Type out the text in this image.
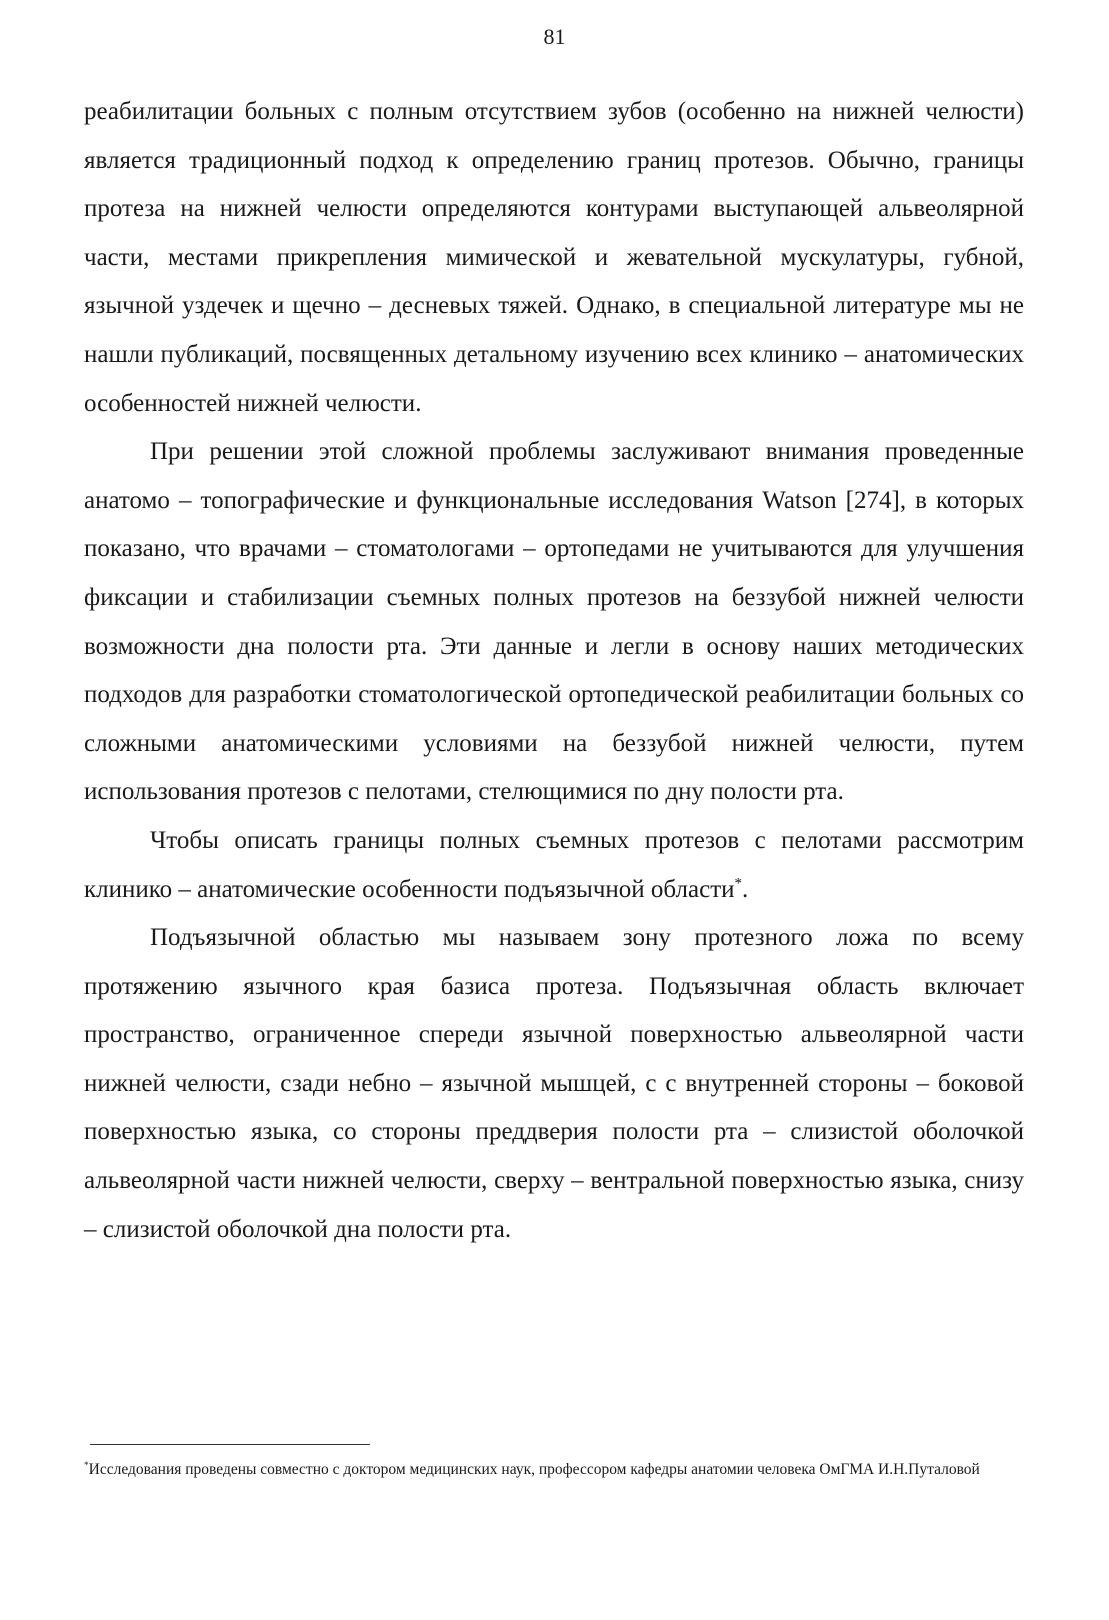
81

реабилитации больных с полным отсутствием зубов (особенно на нижней челюсти) является традиционный подход к определению границ протезов. Обычно, границы протеза на нижней челюсти определяются контурами выступающей альвеолярной части, местами прикрепления мимической и жевательной мускулатуры, губной, язычной уздечек и щечно – десневых тяжей. Однако, в специальной литературе мы не нашли публикаций, посвященных детальному изучению всех клинико – анатомических особенностей нижней челюсти.

При решении этой сложной проблемы заслуживают внимания проведенные анатомо – топографические и функциональные исследования Watson [274], в которых показано, что врачами – стоматологами – ортопедами не учитываются для улучшения фиксации и стабилизации съемных полных протезов на беззубой нижней челюсти возможности дна полости рта. Эти данные и легли в основу наших методических подходов для разработки стоматологической ортопедической реабилитации больных со сложными анатомическими условиями на беззубой нижней челюсти, путем использования протезов с пелотами, стелющимися по дну полости рта.

Чтобы описать границы полных съемных протезов с пелотами рассмотрим клинико – анатомические особенности подъязычной области*.

Подъязычной областью мы называем зону протезного ложа по всему протяжению язычного края базиса протеза. Подъязычная область включает пространство, ограниченное спереди язычной поверхностью альвеолярной части нижней челюсти, сзади небно – язычной мышцей, с с внутренней стороны – боковой поверхностью языка, со стороны преддверия полости рта – слизистой оболочкой альвеолярной части нижней челюсти, сверху – вентральной поверхностью языка, снизу – слизистой оболочкой дна полости рта.

*Исследования проведены совместно с доктором медицинских наук, профессором кафедры анатомии человека ОмГМА И.Н.Путаловой
